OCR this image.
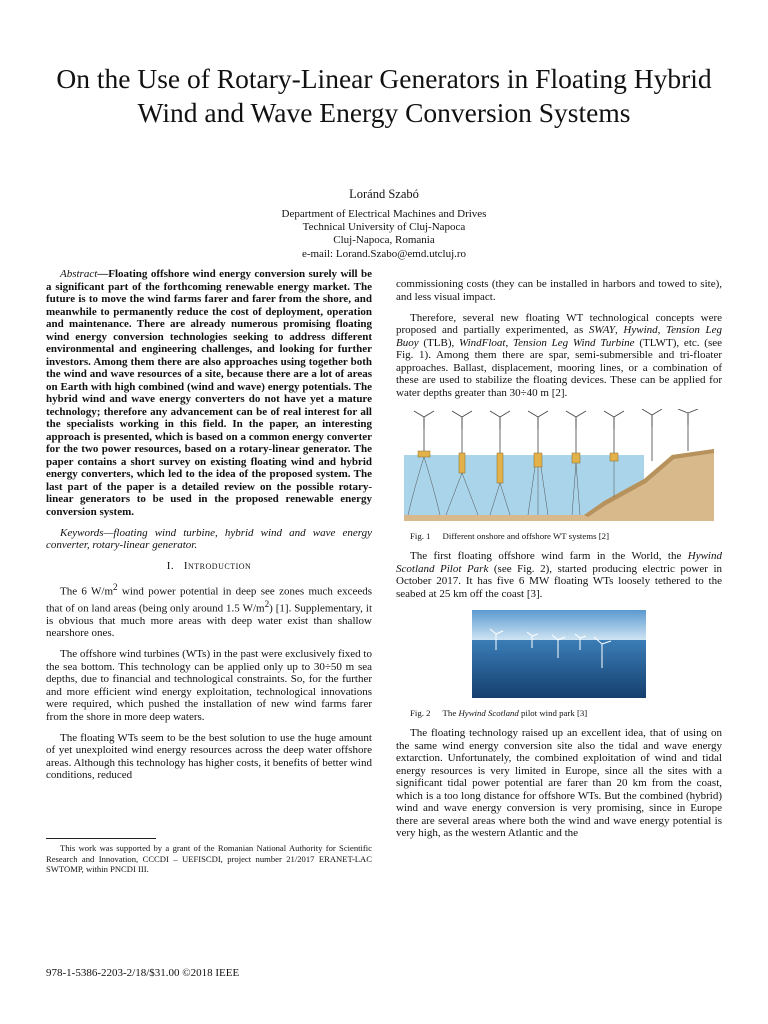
On the Use of Rotary-Linear Generators in Floating Hybrid Wind and Wave Energy Conversion Systems
Loránd Szabó
Department of Electrical Machines and Drives
Technical University of Cluj-Napoca
Cluj-Napoca, Romania
e-mail: Lorand.Szabo@emd.utcluj.ro

Abstract—Floating offshore wind energy conversion surely will be a significant part of the forthcoming renewable energy market. The future is to move the wind farms farer and farer from the shore, and meanwhile to permanently reduce the cost of deployment, operation and maintenance. There are already numerous promising floating wind energy conversion technologies seeking to address different environmental and engineering challenges, and looking for further investors. Among them there are also approaches using together both the wind and wave resources of a site, because there are a lot of areas on Earth with high combined (wind and wave) energy potentials. The hybrid wind and wave energy converters do not have yet a mature technology; therefore any advancement can be of real interest for all the specialists working in this field. In the paper, an interesting approach is presented, which is based on a common energy converter for the two power resources, based on a rotary-linear generator. The paper contains a short survey on existing floating wind and hybrid energy converters, which led to the idea of the proposed system. The last part of the paper is a detailed review on the possible rotary-linear generators to be used in the proposed renewable energy conversion system.

Keywords—floating wind turbine, hybrid wind and wave energy converter, rotary-linear generator.

I. Introduction

The 6 $W/m^2$ wind power potential in deep see zones much exceeds that of on land areas (being only around 1.5 $W/m^2$) [1]. Supplementary, it is obvious that much more areas with deep water exist than shallow nearshore ones.

The offshore wind turbines (WTs) in the past were exclusively fixed to the sea bottom. This technology can be applied only up to 30÷50 m sea depths, due to financial and technological constraints. So, for the further and more efficient wind energy exploitation, technological innovations were required, which pushed the installation of new wind farms farer from the shore in more deep waters.

The floating WTs seem to be the best solution to use the huge amount of yet unexploited wind energy resources across the deep water offshore areas. Although this technology has higher costs, it benefits of better wind conditions, reduced

This work was supported by a grant of the Romanian National Authority for Scientific Research and Innovation, CCCDI – UEFISCDI, project number 21/2017 ERANET-LAC SWTOMP, within PNCDI III.

commissioning costs (they can be installed in harbors and towed to site), and less visual impact.

Therefore, several new floating WT technological concepts were proposed and partially experimented, as SWAY, Hywind, Tension Leg Buoy (TLB), WindFloat, Tension Leg Wind Turbine (TLWT), etc. (see Fig. 1). Among them there are spar, semi-submersible and tri-floater approaches. Ballast, displacement, mooring lines, or a combination of these are used to stabilize the floating devices. These can be applied for water depths greater than 30÷40 m [2].

Fig. 1 Different onshore and offshore WT systems [2]

The first floating offshore wind farm in the World, the Hywind Scotland Pilot Park (see Fig. 2), started producing electric power in October 2017. It has five 6 MW floating WTs loosely tethered to the seabed at 25 km off the coast [3].

Fig. 2 The Hywind Scotland pilot wind park [3]

The floating technology raised up an excellent idea, that of using on the same wind energy conversion site also the tidal and wave energy extarction. Unfortunately, the combined exploitation of wind and tidal energy resources is very limited in Europe, since all the sites with a significant tidal power potential are farer than 20 km from the coast, which is a too long distance for offshore WTs. But the combined (hybrid) wind and wave energy conversion is very promising, since in Europe there are several areas where both the wind and wave energy potential is very high, as the western Atlantic and the

978-1-5386-2203-2/18/$31.00 ©2018 IEEE
